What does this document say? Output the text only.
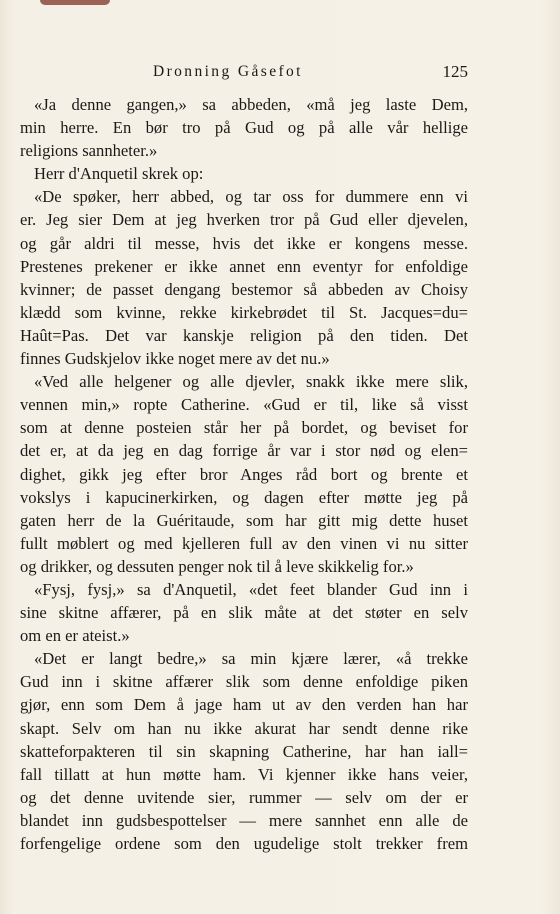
Dronning Gåsefot	125
«Ja denne gangen,» sa abbeden, «må jeg laste Dem,
min herre. En bør tro på Gud og på alle vår hellige
religions sannheter.»
Herr d'Anquetil skrek op:
«De spøker, herr abbed, og tar oss for dummere enn vi
er. Jeg sier Dem at jeg hverken tror på Gud eller djevelen,
og går aldri til messe, hvis det ikke er kongens messe.
Prestenes prekener er ikke annet enn eventyr for enfoldige
kvinner; de passet dengang bestemor så abbeden av Choisy
klædd som kvinne, rekke kirkebrødet til St. Jacques=du=
Haût=Pas. Det var kanskje religion på den tiden. Det
finnes Gudskjelov ikke noget mere av det nu.»
«Ved alle helgener og alle djevler, snakk ikke mere slik,
vennen min,» ropte Catherine. «Gud er til, like så visst
som at denne posteien står her på bordet, og beviset for
det er, at da jeg en dag forrige år var i stor nød og elen=
dighet, gikk jeg efter bror Anges råd bort og brente et
vokslys i kapucinerkirken, og dagen efter møtte jeg på
gaten herr de la Guéritaude, som har gitt mig dette huset
fullt møblert og med kjelleren full av den vinen vi nu sitter
og drikker, og dessuten penger nok til å leve skikkelig for.»
«Fysj, fysj,» sa d'Anquetil, «det feet blander Gud inn i
sine skitne affærer, på en slik måte at det støter en selv
om en er ateist.»
«Det er langt bedre,» sa min kjære lærer, «å trekke
Gud inn i skitne affærer slik som denne enfoldige piken
gjør, enn som Dem å jage ham ut av den verden han har
skapt. Selv om han nu ikke akurat har sendt denne rike
skatteforpakteren til sin skapning Catherine, har han iall=
fall tillatt at hun møtte ham. Vi kjenner ikke hans veier,
og det denne uvitende sier, rummer — selv om der er
blandet inn gudsbespottelser — mere sannhet enn alle de
forfengelige ordene som den ugudelige stolt trekker frem
